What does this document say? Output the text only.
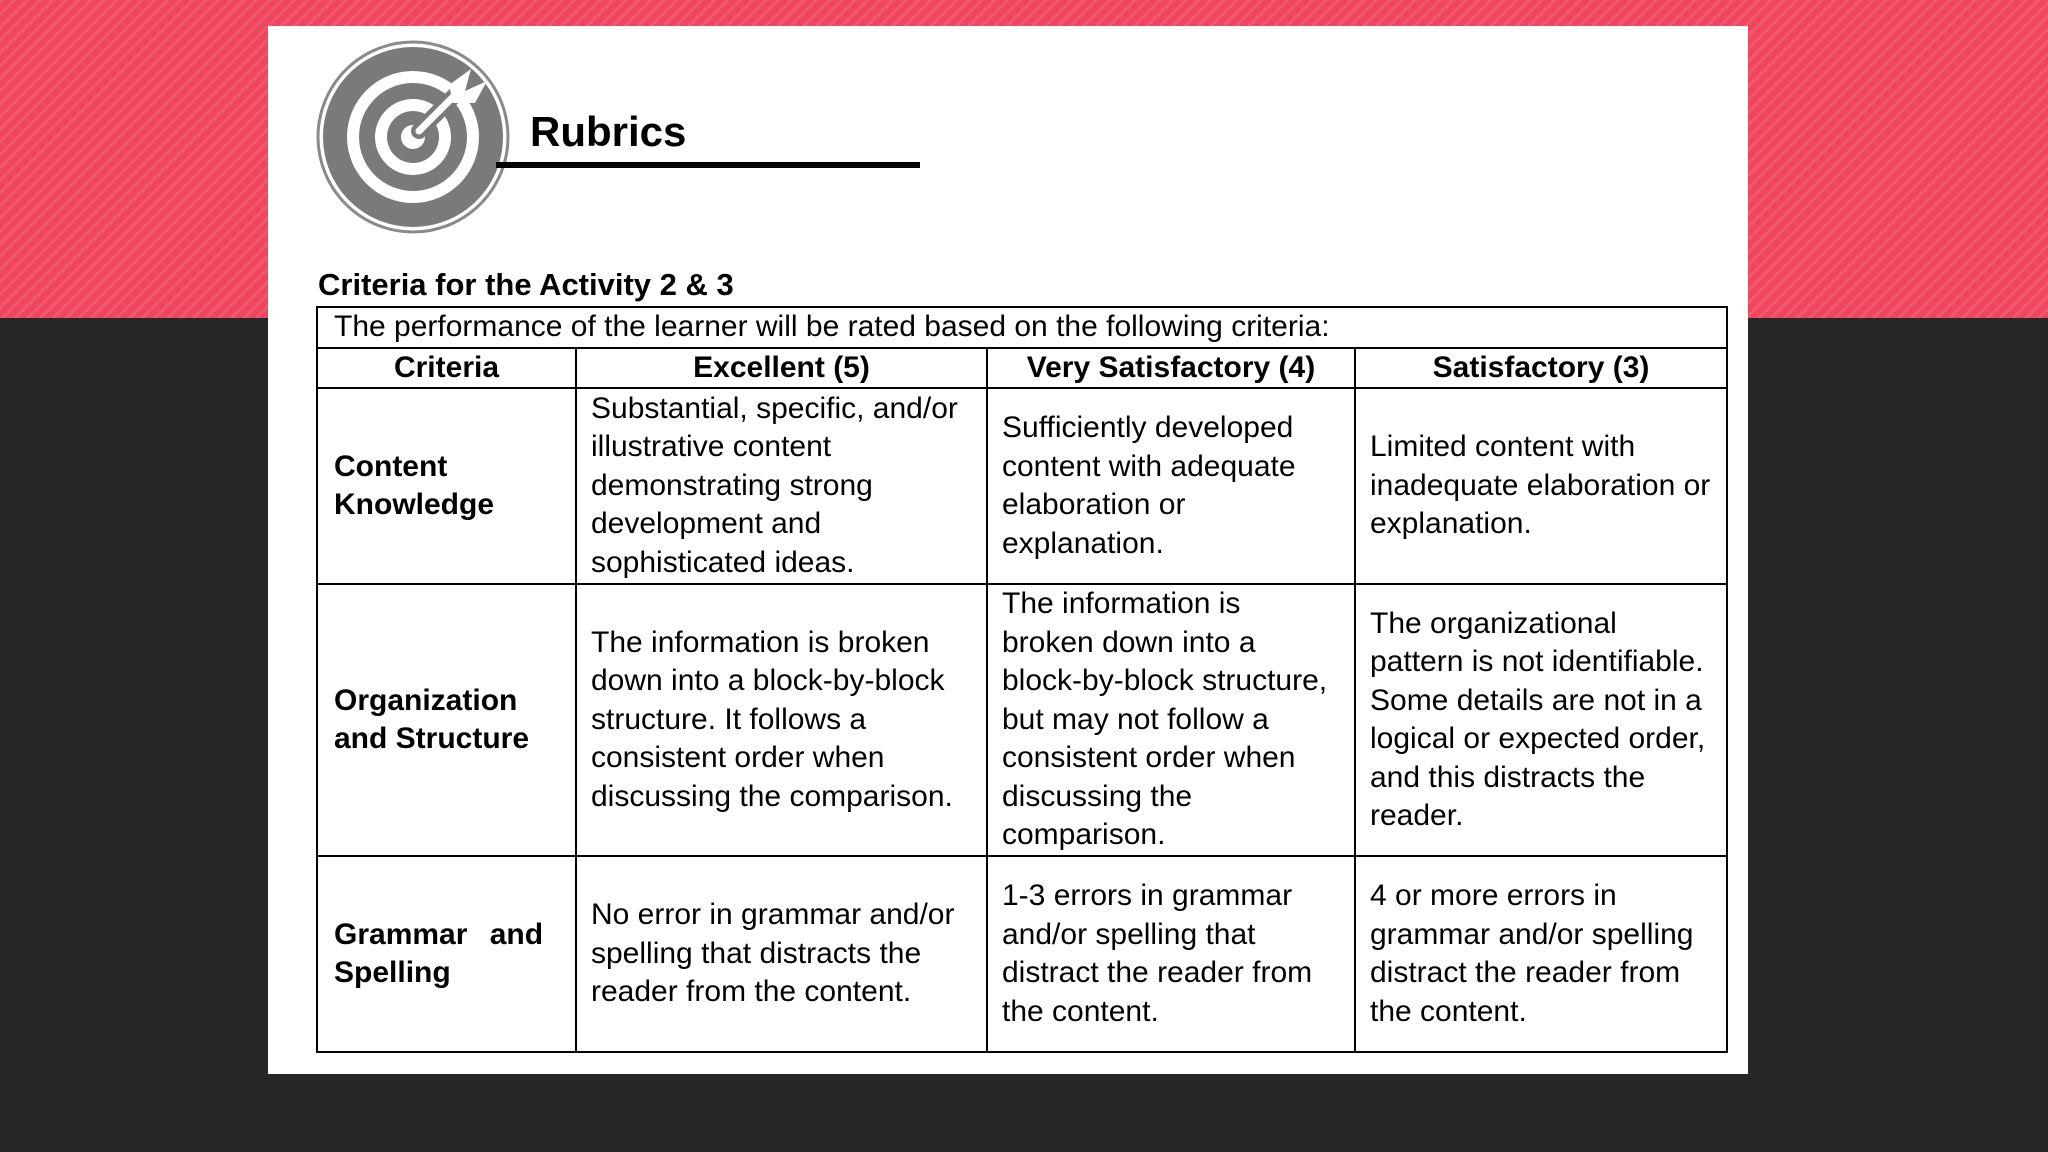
Rubrics
Criteria for the Activity 2 & 3
The performance of the learner will be rated based on the following criteria:			
Criteria	Excellent (5)	Very Satisfactory (4)	Satisfactory (3)
Content Knowledge	Substantial, specific, and/or illustrative content demonstrating strong development and sophisticated ideas.	Sufficiently developed content with adequate elaboration or explanation.	Limited content with inadequate elaboration or explanation.
Organization and Structure	The information is broken down into a block-by-block structure. It follows a consistent order when discussing the comparison.	The information is broken down into a block-by-block structure, but may not follow a consistent order when discussing the comparison.	The organizational pattern is not identifiable. Some details are not in a logical or expected order, and this distracts the reader.
Grammar and Spelling	No error in grammar and/or spelling that distracts the reader from the content.	1-3 errors in grammar and/or spelling that distract the reader from the content.	4 or more errors in grammar and/or spelling distract the reader from the content.
